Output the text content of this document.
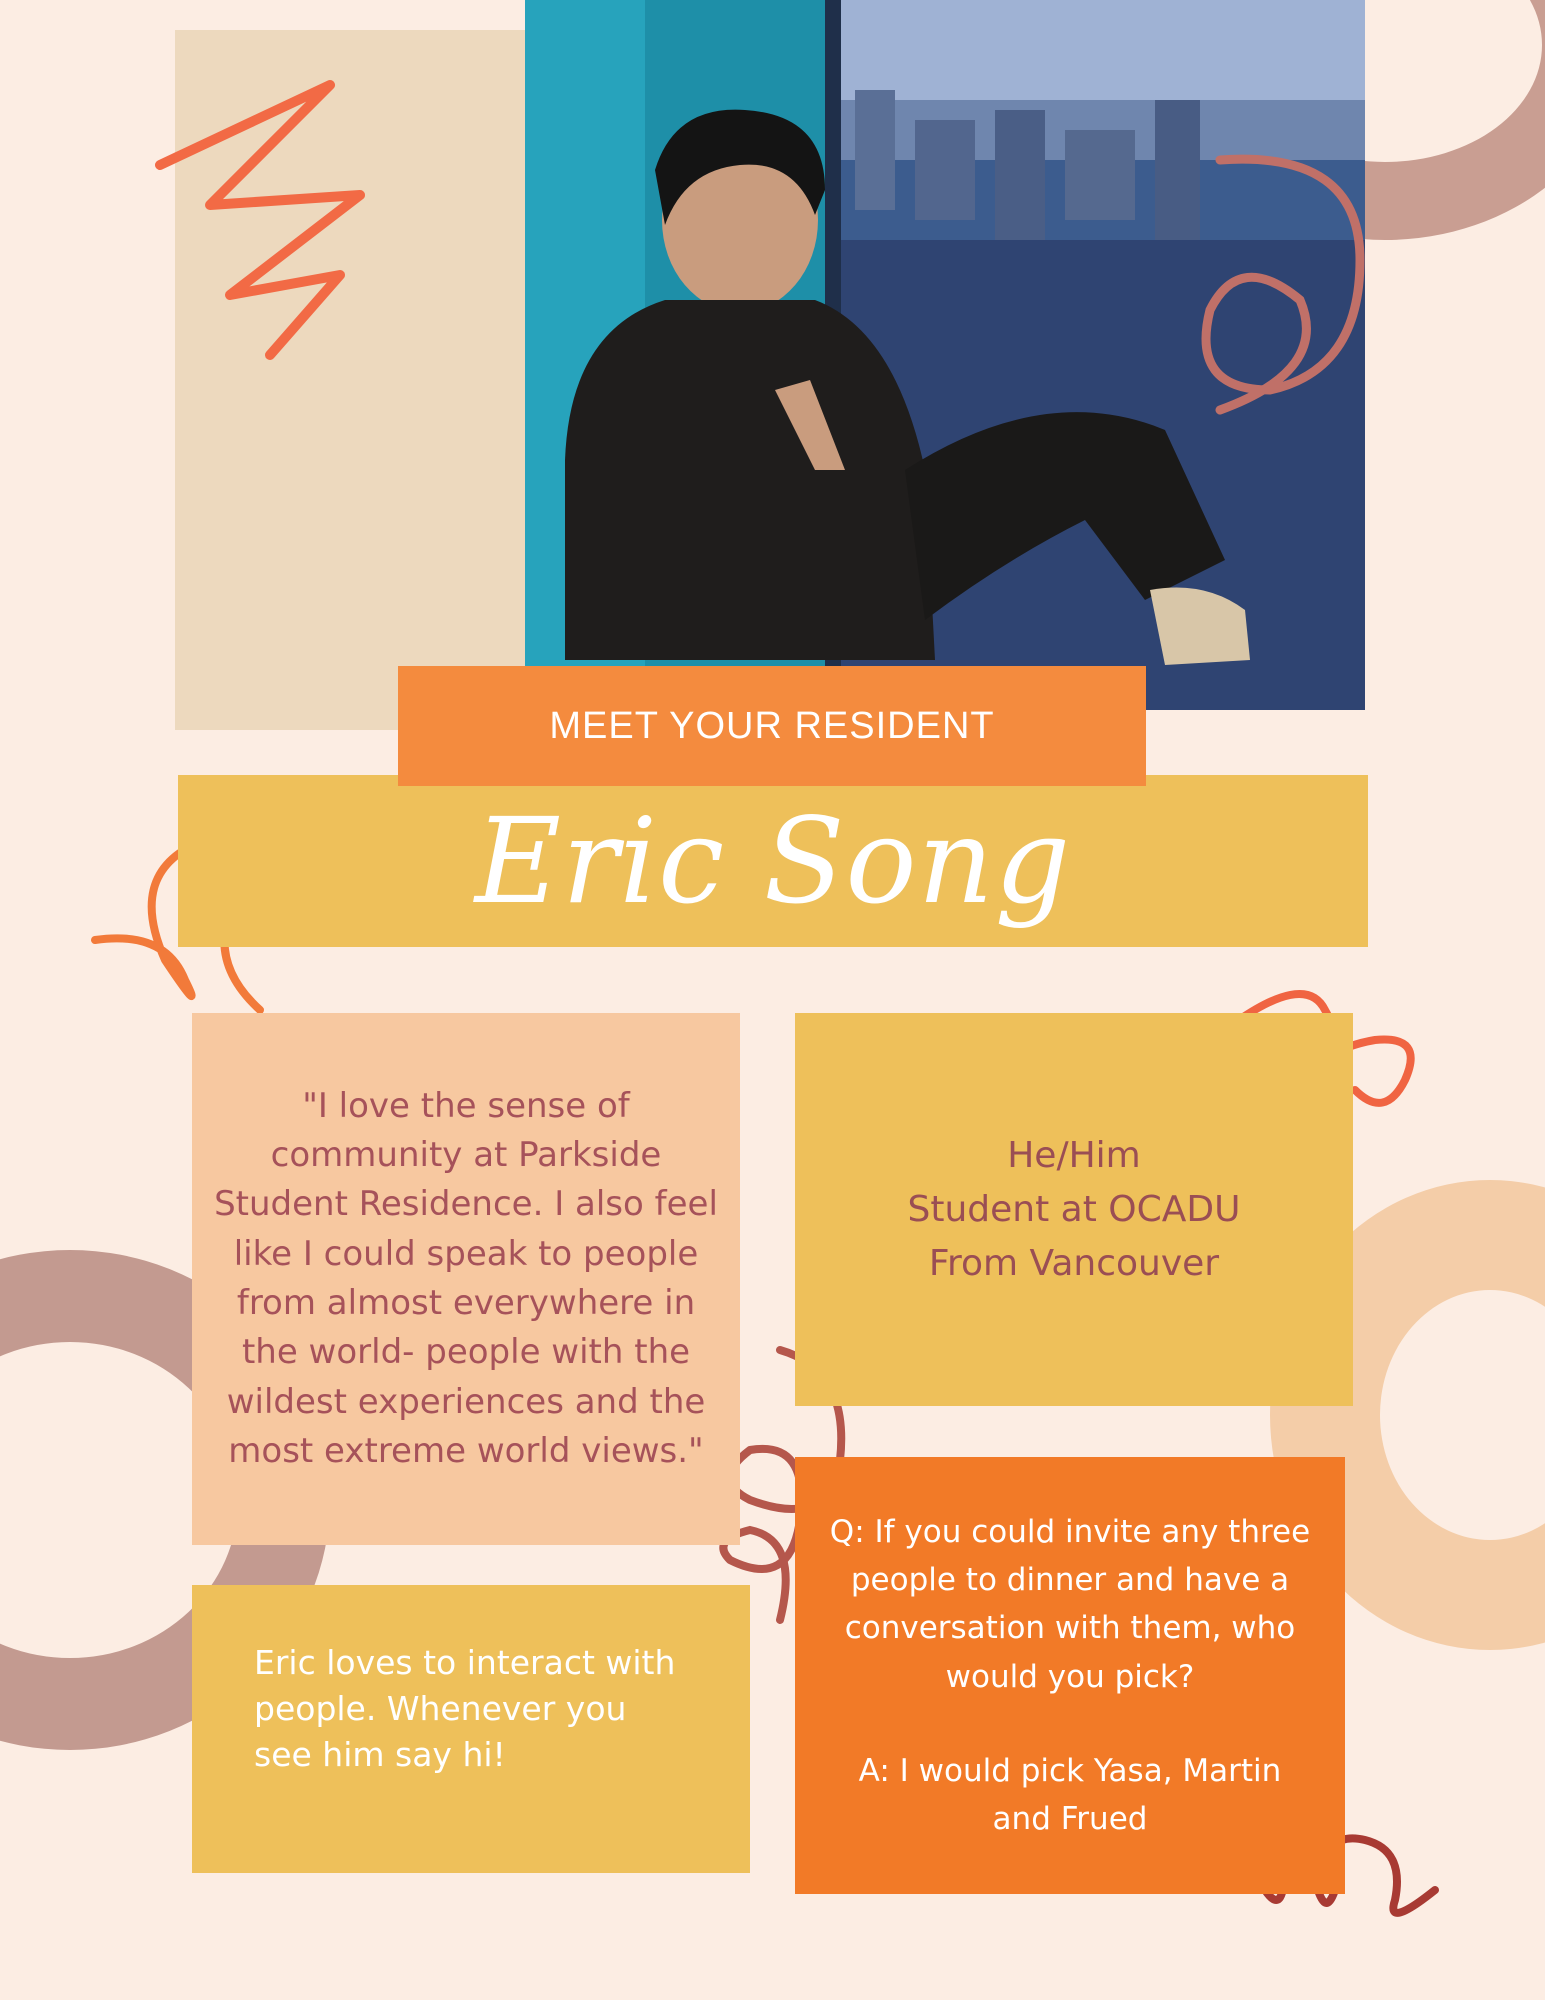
Eric Song
MEET YOUR RESIDENT
"I love the sense of community at Parkside Student Residence. I also feel like I could speak to people from almost everywhere in the world- people with the wildest experiences and the most extreme world views."
He/Him
Student at OCADU
From Vancouver
Eric loves to interact with people. Whenever you see him say hi!

Q: If you could invite any three people to dinner and have a conversation with them, who would you pick?

A: I would pick Yasa, Martin and Frued
